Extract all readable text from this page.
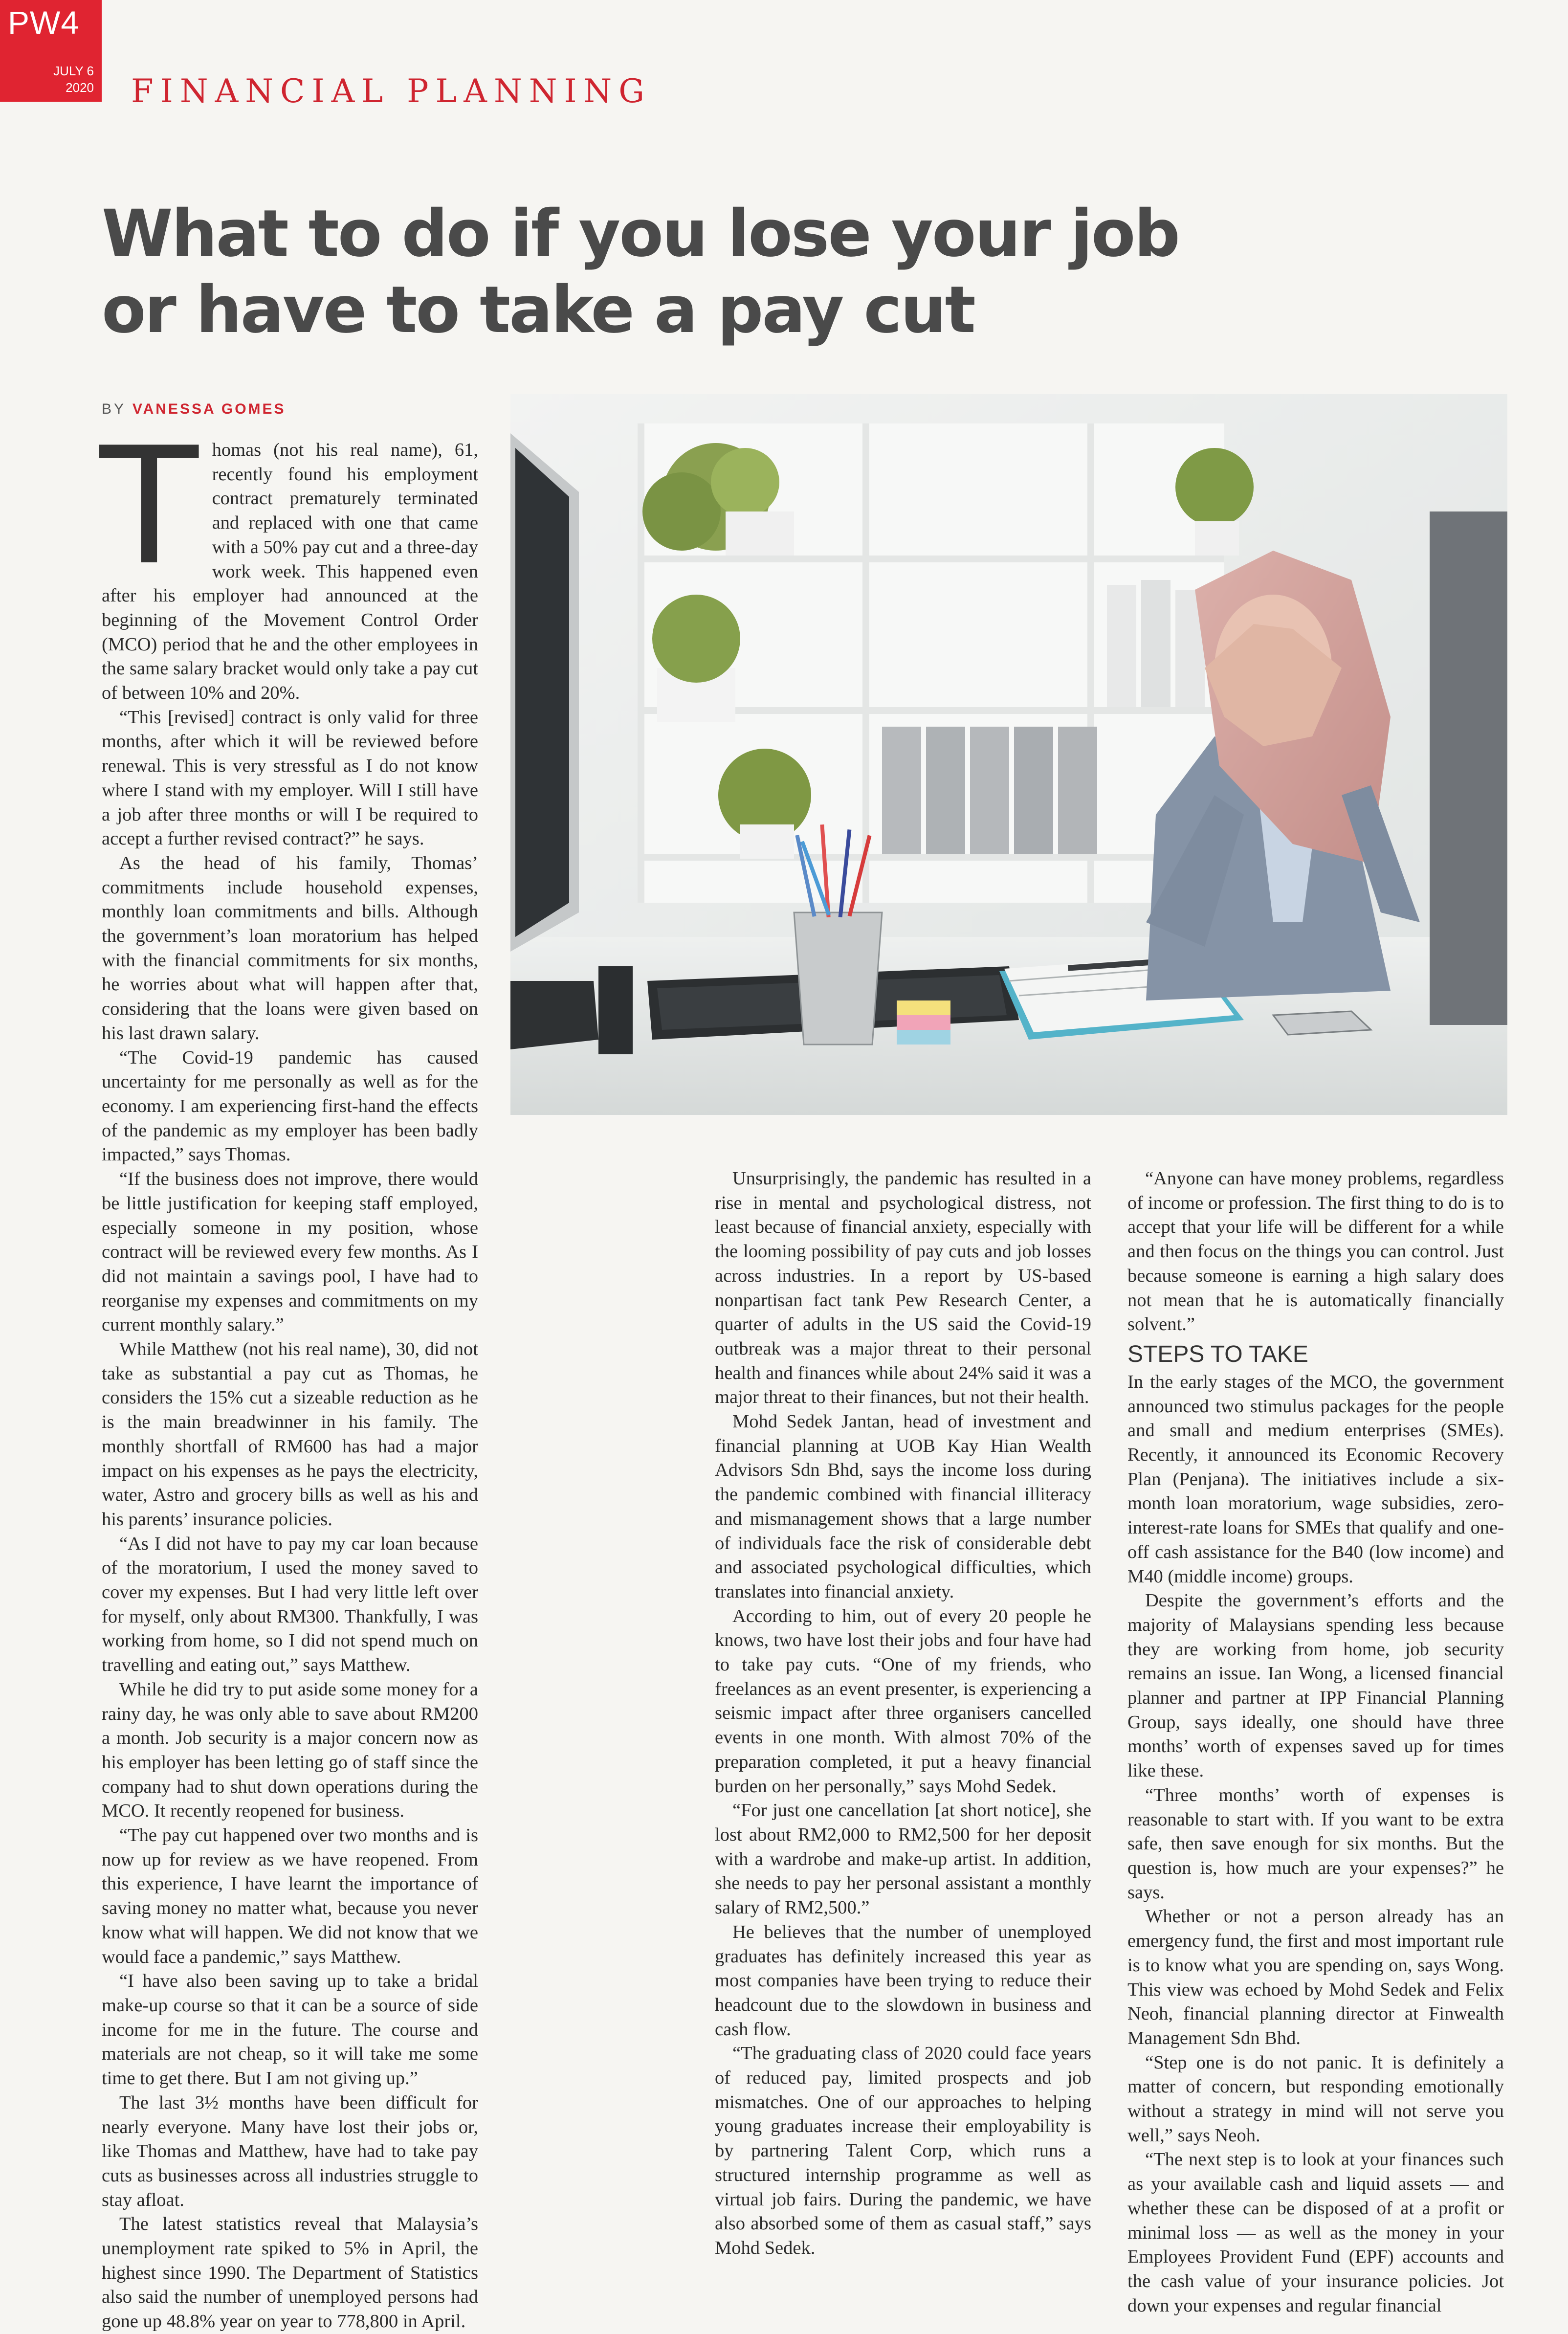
PW4
JULY 6
2020 FINANCIAL PLANNING
What to do if you lose your job
or have to take a pay cut
BY VANESSA GOMES

Thomas (not his real name), 61, recently found his employment contract prematurely terminated and replaced with one that came with a 50% pay cut and a three-day work week. This happened even after his employer had announced at the beginning of the Movement Control Order (MCO) period that he and the other employees in the same salary bracket would only take a pay cut of between 10% and 20%.

“This [revised] contract is only valid for three months, after which it will be reviewed before renewal. This is very stressful as I do not know where I stand with my employer. Will I still have a job after three months or will I be required to accept a further revised contract?” he says.

As the head of his family, Thomas’ commitments include household expenses, monthly loan commitments and bills. Although the government’s loan moratorium has helped with the financial commitments for six months, he worries about what will happen after that, considering that the loans were given based on his last drawn salary.

“The Covid-19 pandemic has caused uncertainty for me personally as well as for the economy. I am experiencing first-hand the effects of the pandemic as my employer has been badly impacted,” says Thomas.

“If the business does not improve, there would be little justification for keeping staff employed, especially someone in my position, whose contract will be reviewed every few months. As I did not maintain a savings pool, I have had to reorganise my expenses and commitments on my current monthly salary.”

While Matthew (not his real name), 30, did not take as substantial a pay cut as Thomas, he considers the 15% cut a sizeable reduction as he is the main breadwinner in his family. The monthly shortfall of RM600 has had a major impact on his expenses as he pays the electricity, water, Astro and grocery bills as well as his and his parents’ insurance policies.

“As I did not have to pay my car loan because of the moratorium, I used the money saved to cover my expenses. But I had very little left over for myself, only about RM300. Thankfully, I was working from home, so I did not spend much on travelling and eating out,” says Matthew.

While he did try to put aside some money for a rainy day, he was only able to save about RM200 a month. Job security is a major concern now as his employer has been letting go of staff since the company had to shut down operations during the MCO. It recently reopened for business.

“The pay cut happened over two months and is now up for review as we have reopened. From this experience, I have learnt the importance of saving money no matter what, because you never know what will happen. We did not know that we would face a pandemic,” says Matthew.

“I have also been saving up to take a bridal make-up course so that it can be a source of side income for me in the future. The course and materials are not cheap, so it will take me some time to get there. But I am not giving up.”

The last 3½ months have been difficult for nearly everyone. Many have lost their jobs or, like Thomas and Matthew, have had to take pay cuts as businesses across all industries struggle to stay afloat.

The latest statistics reveal that Malaysia’s unemployment rate spiked to 5% in April, the highest since 1990. The Department of Statistics also said the number of unemployed persons had gone up 48.8% year on year to 778,800 in April.

Unsurprisingly, the pandemic has resulted in a rise in mental and psychological distress, not least because of financial anxiety, especially with the looming possibility of pay cuts and job losses across industries. In a report by US-based nonpartisan fact tank Pew Research Center, a quarter of adults in the US said the Covid-19 outbreak was a major threat to their personal health and finances while about 24% said it was a major threat to their finances, but not their health.

Mohd Sedek Jantan, head of investment and financial planning at UOB Kay Hian Wealth Advisors Sdn Bhd, says the income loss during the pandemic combined with financial illiteracy and mismanagement shows that a large number of individuals face the risk of considerable debt and associated psychological difficulties, which translates into financial anxiety.

According to him, out of every 20 people he knows, two have lost their jobs and four have had to take pay cuts. “One of my friends, who freelances as an event presenter, is experiencing a seismic impact after three organisers cancelled events in one month. With almost 70% of the preparation completed, it put a heavy financial burden on her personally,” says Mohd Sedek.

“For just one cancellation [at short notice], she lost about RM2,000 to RM2,500 for her deposit with a wardrobe and make-up artist. In addition, she needs to pay her personal assistant a monthly salary of RM2,500.”

He believes that the number of unemployed graduates has definitely increased this year as most companies have been trying to reduce their headcount due to the slowdown in business and cash flow.

“The graduating class of 2020 could face years of reduced pay, limited prospects and job mismatches. One of our approaches to helping young graduates increase their employability is by partnering Talent Corp, which runs a structured internship programme as well as virtual job fairs. During the pandemic, we have also absorbed some of them as casual staff,” says Mohd Sedek.

“Anyone can have money problems, regardless of income or profession. The first thing to do is to accept that your life will be different for a while and then focus on the things you can control. Just because someone is earning a high salary does not mean that he is automatically financially solvent.”

STEPS TO TAKE

In the early stages of the MCO, the government announced two stimulus packages for the people and small and medium enterprises (SMEs). Recently, it announced its Economic Recovery Plan (Penjana). The initiatives include a six-month loan moratorium, wage subsidies, zero-interest-rate loans for SMEs that qualify and one-off cash assistance for the B40 (low income) and M40 (middle income) groups.

Despite the government’s efforts and the majority of Malaysians spending less because they are working from home, job security remains an issue. Ian Wong, a licensed financial planner and partner at IPP Financial Planning Group, says ideally, one should have three months’ worth of expenses saved up for times like these.

“Three months’ worth of expenses is reasonable to start with. If you want to be extra safe, then save enough for six months. But the question is, how much are your expenses?” he says.

Whether or not a person already has an emergency fund, the first and most important rule is to know what you are spending on, says Wong. This view was echoed by Mohd Sedek and Felix Neoh, financial planning director at Finwealth Management Sdn Bhd.

“Step one is do not panic. It is definitely a matter of concern, but responding emotionally without a strategy in mind will not serve you well,” says Neoh.

“The next step is to look at your finances such as your available cash and liquid assets — and whether these can be disposed of at a profit or minimal loss — as well as the money in your Employees Provident Fund (EPF) accounts and the cash value of your insurance policies. Jot down your expenses and regular financial
